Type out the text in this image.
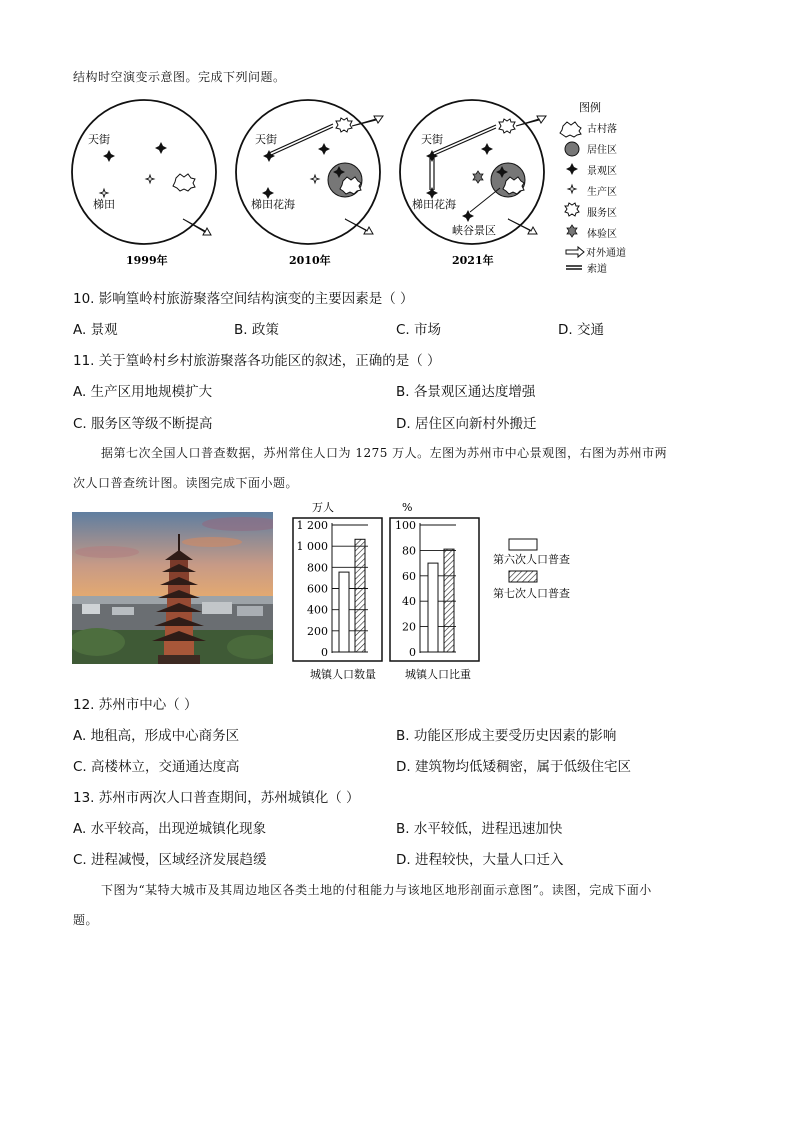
结构时空演变示意图。完成下列问题。
天街
梯田
1999年
天街
梯田花海
2010年
天街
梯田花海
峡谷景区
2021年
图例
古村落
居住区
景观区
生产区
服务区
体验区
对外通道
索道
10. 影响篁岭村旅游聚落空间结构演变的主要因素是（ ）
A. 景观	B. 政策	C. 市场	D. 交通
11. 关于篁岭村乡村旅游聚落各功能区的叙述，正确的是（ ）
A. 生产区用地规模扩大	B. 各景观区通达度增强
C. 服务区等级不断提高	D. 居住区向新村外搬迁
据第七次全国人口普查数据，苏州常住人口为 1275 万人。左图为苏州市中心景观图，右图为苏州市两
次人口普查统计图。读图完成下面小题。
万人	%
1 200
1 000
800
600
400
200
0
100
80
60
40
20
0
城镇人口数量	城镇人口比重
第六次人口普查
第七次人口普查
12. 苏州市中心（ ）
A. 地租高，形成中心商务区	B. 功能区形成主要受历史因素的影响
C. 高楼林立，交通通达度高	D. 建筑物均低矮稠密，属于低级住宅区
13. 苏州市两次人口普查期间，苏州城镇化（ ）
A. 水平较高，出现逆城镇化现象	B. 水平较低，进程迅速加快
C. 进程减慢，区域经济发展趋缓	D. 进程较快，大量人口迁入
下图为“某特大城市及其周边地区各类土地的付租能力与该地区地形剖面示意图”。读图，完成下面小
题。
